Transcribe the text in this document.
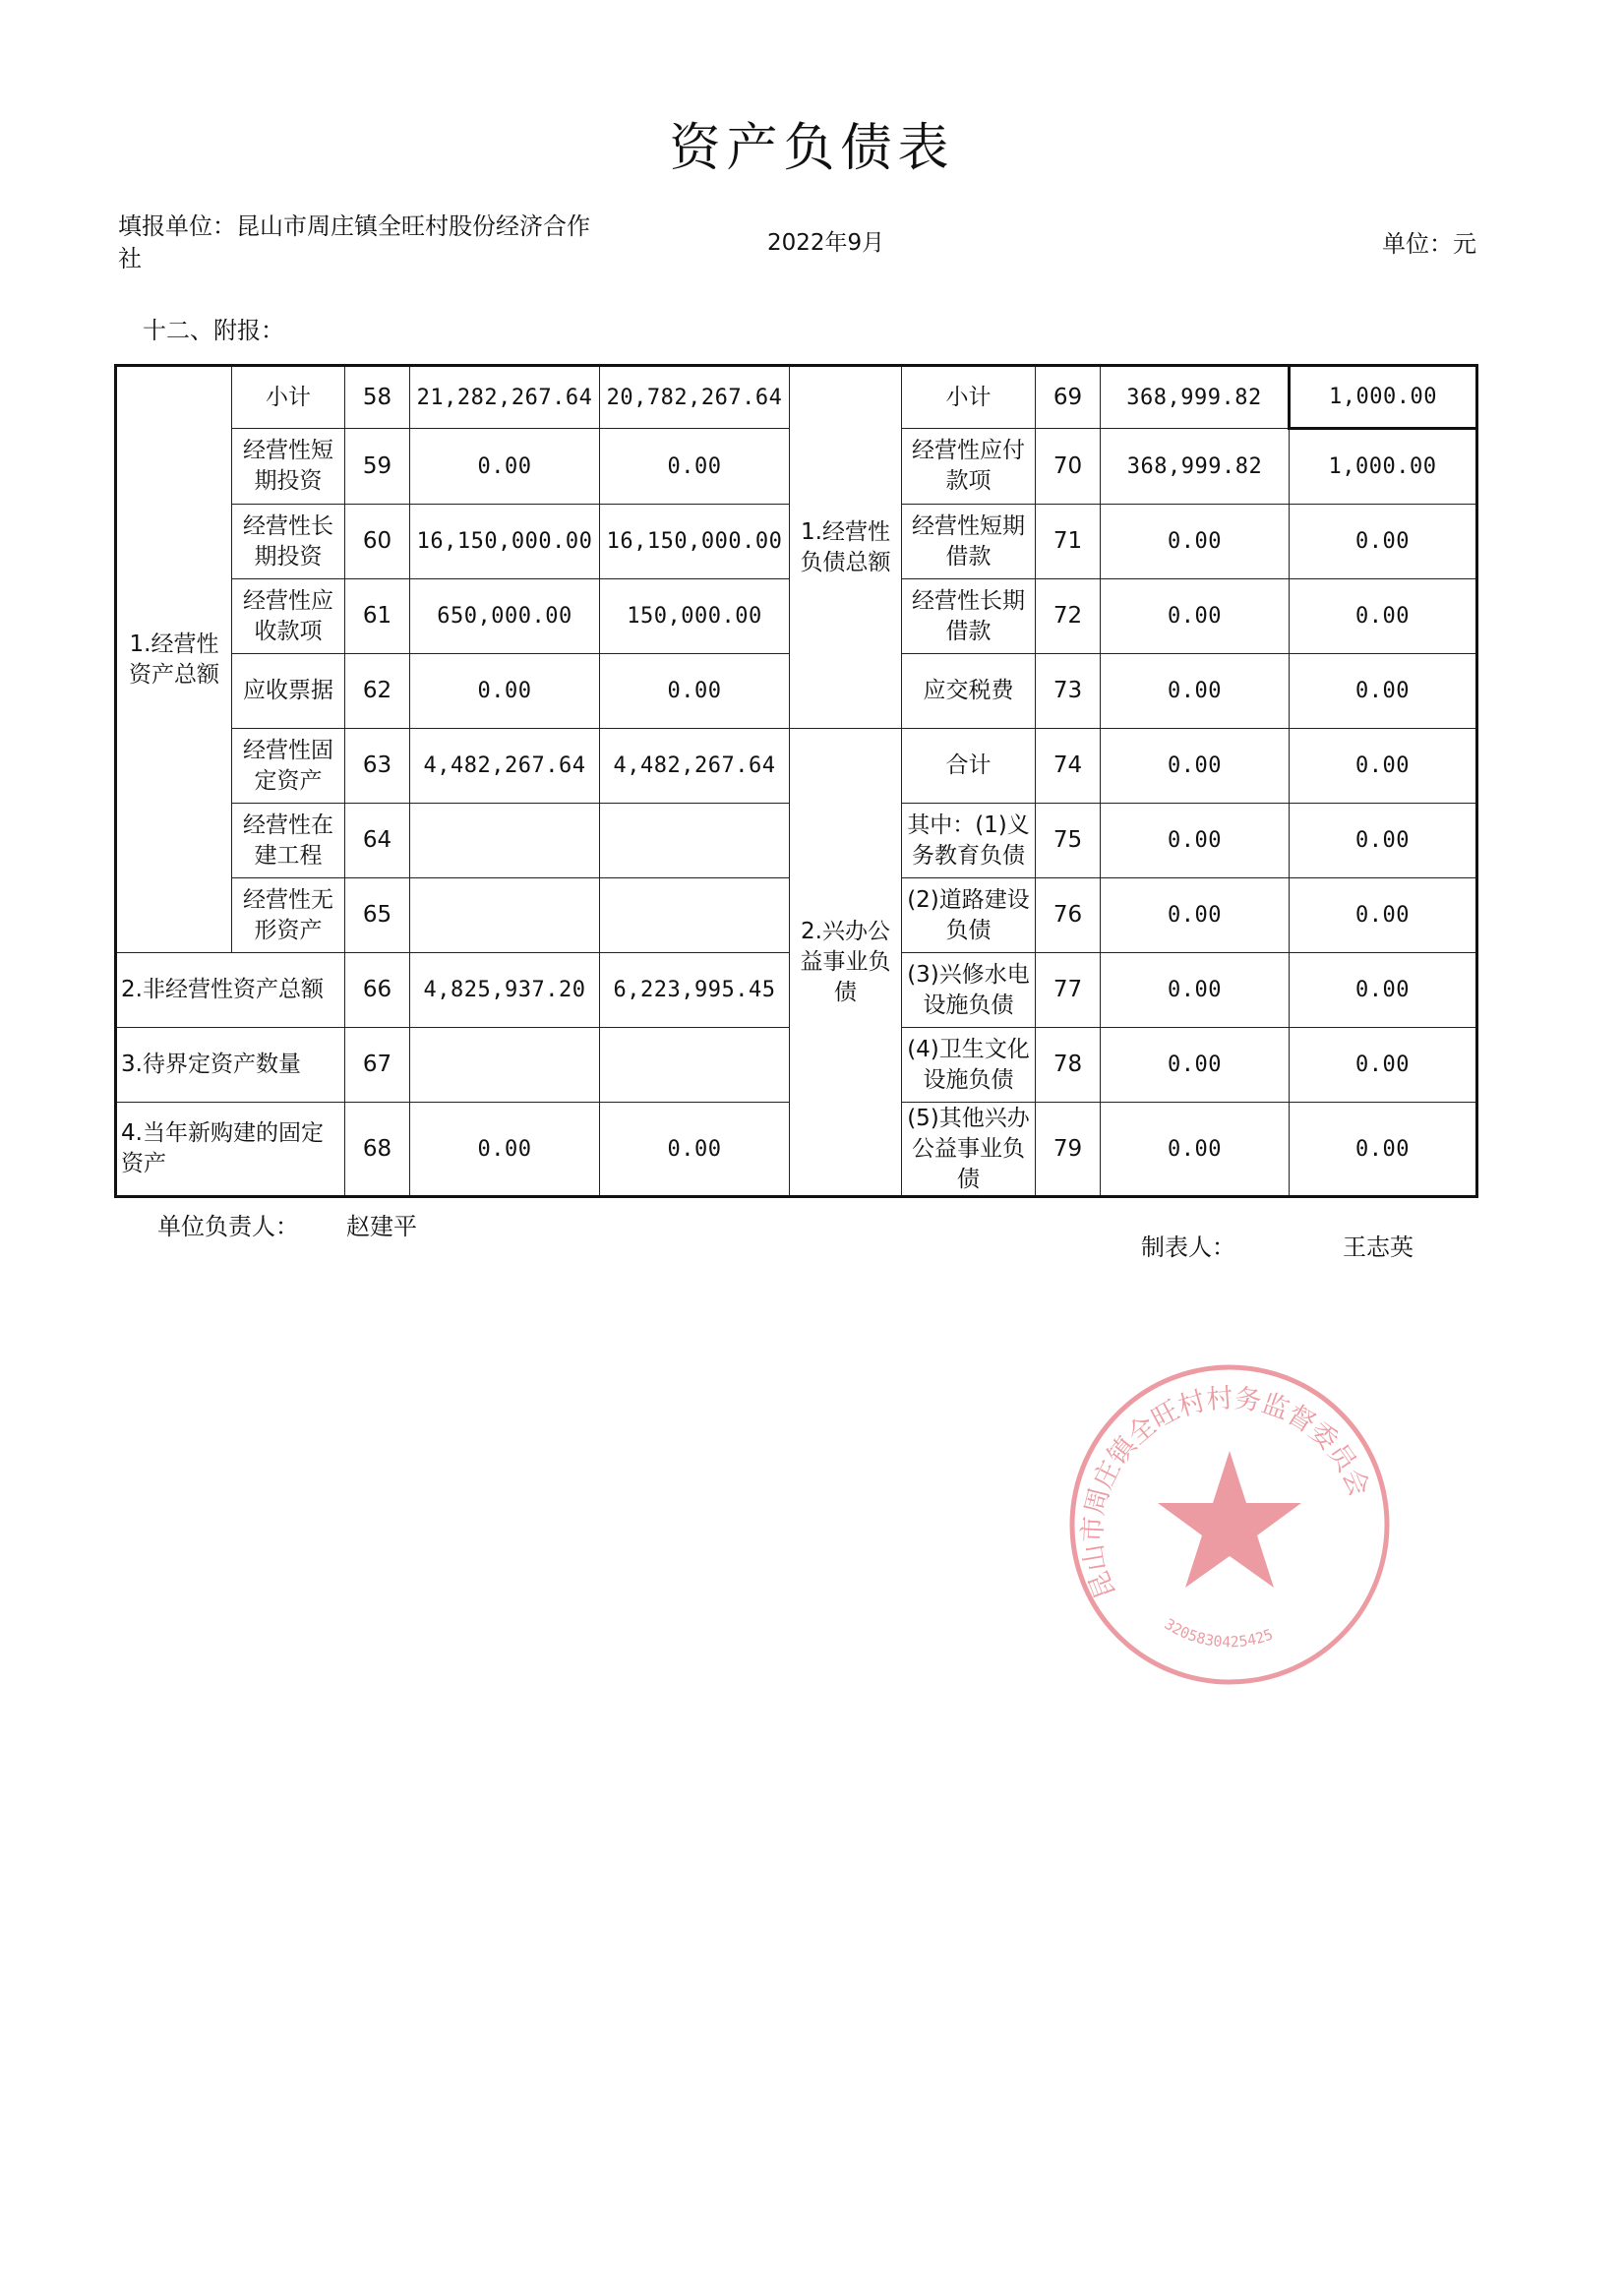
资产负债表
填报单位：昆山市周庄镇全旺村股份经济合作社
2022年9月	单位：元
十二、附报：
1.经营性资产总额	小计	58	21,282,267.64	20,782,267.64	1.经营性负债总额	小计	69	368,999.82	1,000.00
	经营性短期投资	59	0.00	0.00		经营性应付款项	70	368,999.82	1,000.00
	经营性长期投资	60	16,150,000.00	16,150,000.00		经营性短期借款	71	0.00	0.00
	经营性应收款项	61	650,000.00	150,000.00		经营性长期借款	72	0.00	0.00
	应收票据	62	0.00	0.00		应交税费	73	0.00	0.00
	经营性固定资产	63	4,482,267.64	4,482,267.64	2.兴办公益事业负债	合计	74	0.00	0.00
	经营性在建工程	64				其中：(1)义务教育负债	75	0.00	0.00
	经营性无形资产	65				(2)道路建设负债	76	0.00	0.00
2.非经营性资产总额		66	4,825,937.20	6,223,995.45		(3)兴修水电设施负债	77	0.00	0.00
3.待界定资产数量		67				(4)卫生文化设施负债	78	0.00	0.00
4.当年新购建的固定资产		68	0.00	0.00		(5)其他兴办公益事业负债	79	0.00	0.00
单位负责人： 赵建平
制表人：	王志英
昆山市周庄镇全旺村村务监督委员会
3205830425425
